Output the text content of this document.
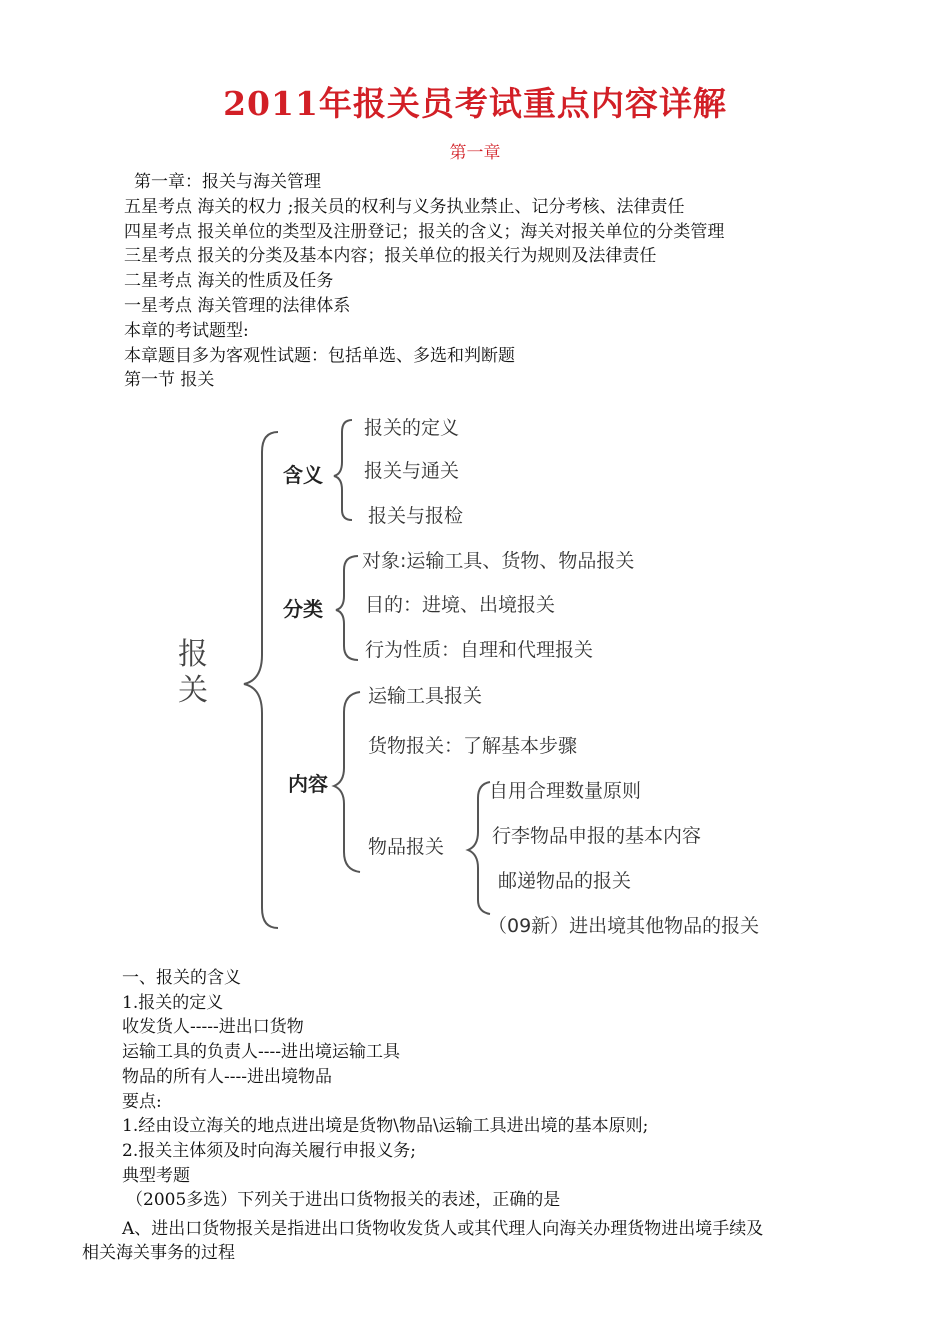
2011年报关员考试重点内容详解
第一章
第一章：报关与海关管理
五星考点 海关的权力 ;报关员的权利与义务执业禁止、记分考核、法律责任
四星考点 报关单位的类型及注册登记；报关的含义；海关对报关单位的分类管理
三星考点 报关的分类及基本内容；报关单位的报关行为规则及法律责任
二星考点 海关的性质及任务
一星考点 海关管理的法律体系
本章的考试题型:
本章题目多为客观性试题：包括单选、多选和判断题
第一节 报关
报
关
含义
报关的定义
报关与通关
报关与报检
分类
对象:运输工具、货物、物品报关
目的：进境、出境报关
行为性质：自理和代理报关
内容
运输工具报关
货物报关：了解基本步骤
物品报关
自用合理数量原则
行李物品申报的基本内容
邮递物品的报关
（09新）进出境其他物品的报关
一、报关的含义
1.报关的定义
收发货人-----进出口货物
运输工具的负责人----进出境运输工具
物品的所有人----进出境物品
要点:
1.经由设立海关的地点进出境是货物\物品\运输工具进出境的基本原则;
2.报关主体须及时向海关履行申报义务;
典型考题
（2005多选）下列关于进出口货物报关的表述，正确的是
A、进出口货物报关是指进出口货物收发货人或其代理人向海关办理货物进出境手续及
相关海关事务的过程
